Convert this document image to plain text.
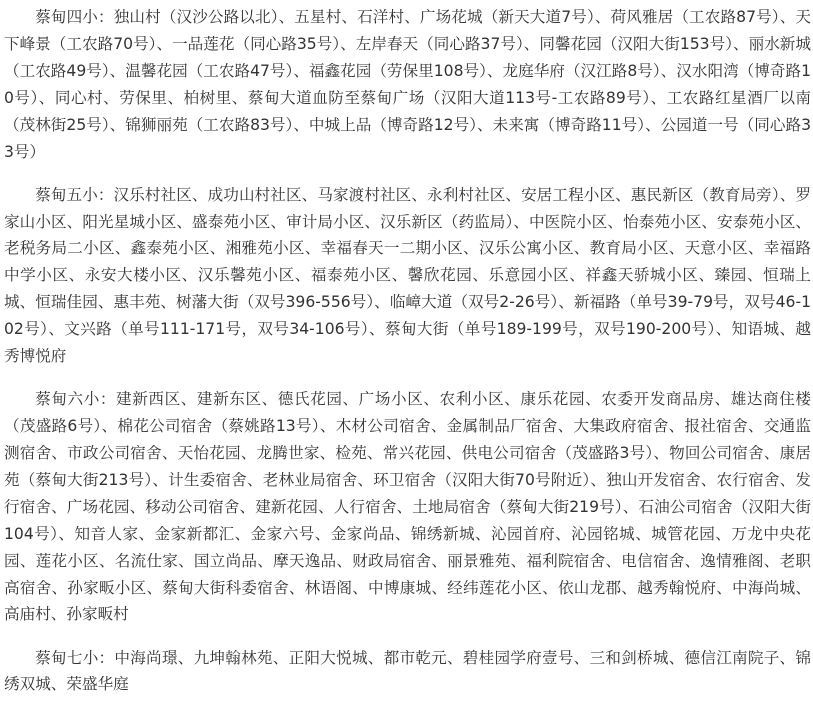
蔡甸四小：独山村（汉沙公路以北）、五星村、石洋村、广场花城（新天大道7号）、荷风雅居（工农路87号）、天下峰景（工农路70号）、一品莲花（同心路35号）、左岸春天（同心路37号）、同馨花园（汉阳大街153号）、丽水新城（工农路49号）、温馨花园（工农路47号）、福鑫花园（劳保里108号）、龙庭华府（汉江路8号）、汉水阳湾（博奇路10号）、同心村、劳保里、柏树里、蔡甸大道血防至蔡甸广场（汉阳大道113号-工农路89号）、工农路红星酒厂以南（茂林街25号）、锦狮丽苑（工农路83号）、中城上品（博奇路12号）、未来寓（博奇路11号）、公园道一号（同心路33号）

蔡甸五小：汉乐村社区、成功山村社区、马家渡村社区、永利村社区、安居工程小区、惠民新区（教育局旁）、罗家山小区、阳光星城小区、盛泰苑小区、审计局小区、汉乐新区（药监局）、中医院小区、怡泰苑小区、安泰苑小区、老税务局二小区、鑫泰苑小区、湘雅苑小区、幸福春天一二期小区、汉乐公寓小区、教育局小区、天意小区、幸福路中学小区、永安大楼小区、汉乐馨苑小区、福泰苑小区、馨欣花园、乐意园小区、祥鑫天骄城小区、臻园、恒瑞上城、恒瑞佳园、惠丰苑、树藩大街（双号396-556号）、临嶂大道（双号2-26号）、新福路（单号39-79号，双号46-102号）、文兴路（单号111-171号，双号34-106号）、蔡甸大街（单号189-199号，双号190-200号）、知语城、越秀博悦府

蔡甸六小：建新西区、建新东区、德氏花园、广场小区、农利小区、康乐花园、农委开发商品房、雄达商住楼（茂盛路6号）、棉花公司宿舍（蔡姚路13号）、木材公司宿舍、金属制品厂宿舍、大集政府宿舍、报社宿舍、交通监测宿舍、市政公司宿舍、天怡花园、龙腾世家、检苑、常兴花园、供电公司宿舍（茂盛路3号）、物回公司宿舍、康居苑（蔡甸大街213号）、计生委宿舍、老林业局宿舍、环卫宿舍（汉阳大街70号附近）、独山开发宿舍、农行宿舍、发行宿舍、广场花园、移动公司宿舍、建新花园、人行宿舍、土地局宿舍（蔡甸大街219号）、石油公司宿舍（汉阳大街104号）、知音人家、金家新都汇、金家六号、金家尚品、锦绣新城、沁园首府、沁园铭城、城管花园、万龙中央花园、莲花小区、名流仕家、国立尚品、摩天逸品、财政局宿舍、丽景雅苑、福利院宿舍、电信宿舍、逸情雅阁、老职高宿舍、孙家畈小区、蔡甸大街科委宿舍、林语阁、中博康城、经纬莲花小区、依山龙郡、越秀翰悦府、中海尚城、高庙村、孙家畈村

蔡甸七小：中海尚璟、九坤翰林苑、正阳大悦城、都市乾元、碧桂园学府壹号、三和剑桥城、德信江南院子、锦绣双城、荣盛华庭
